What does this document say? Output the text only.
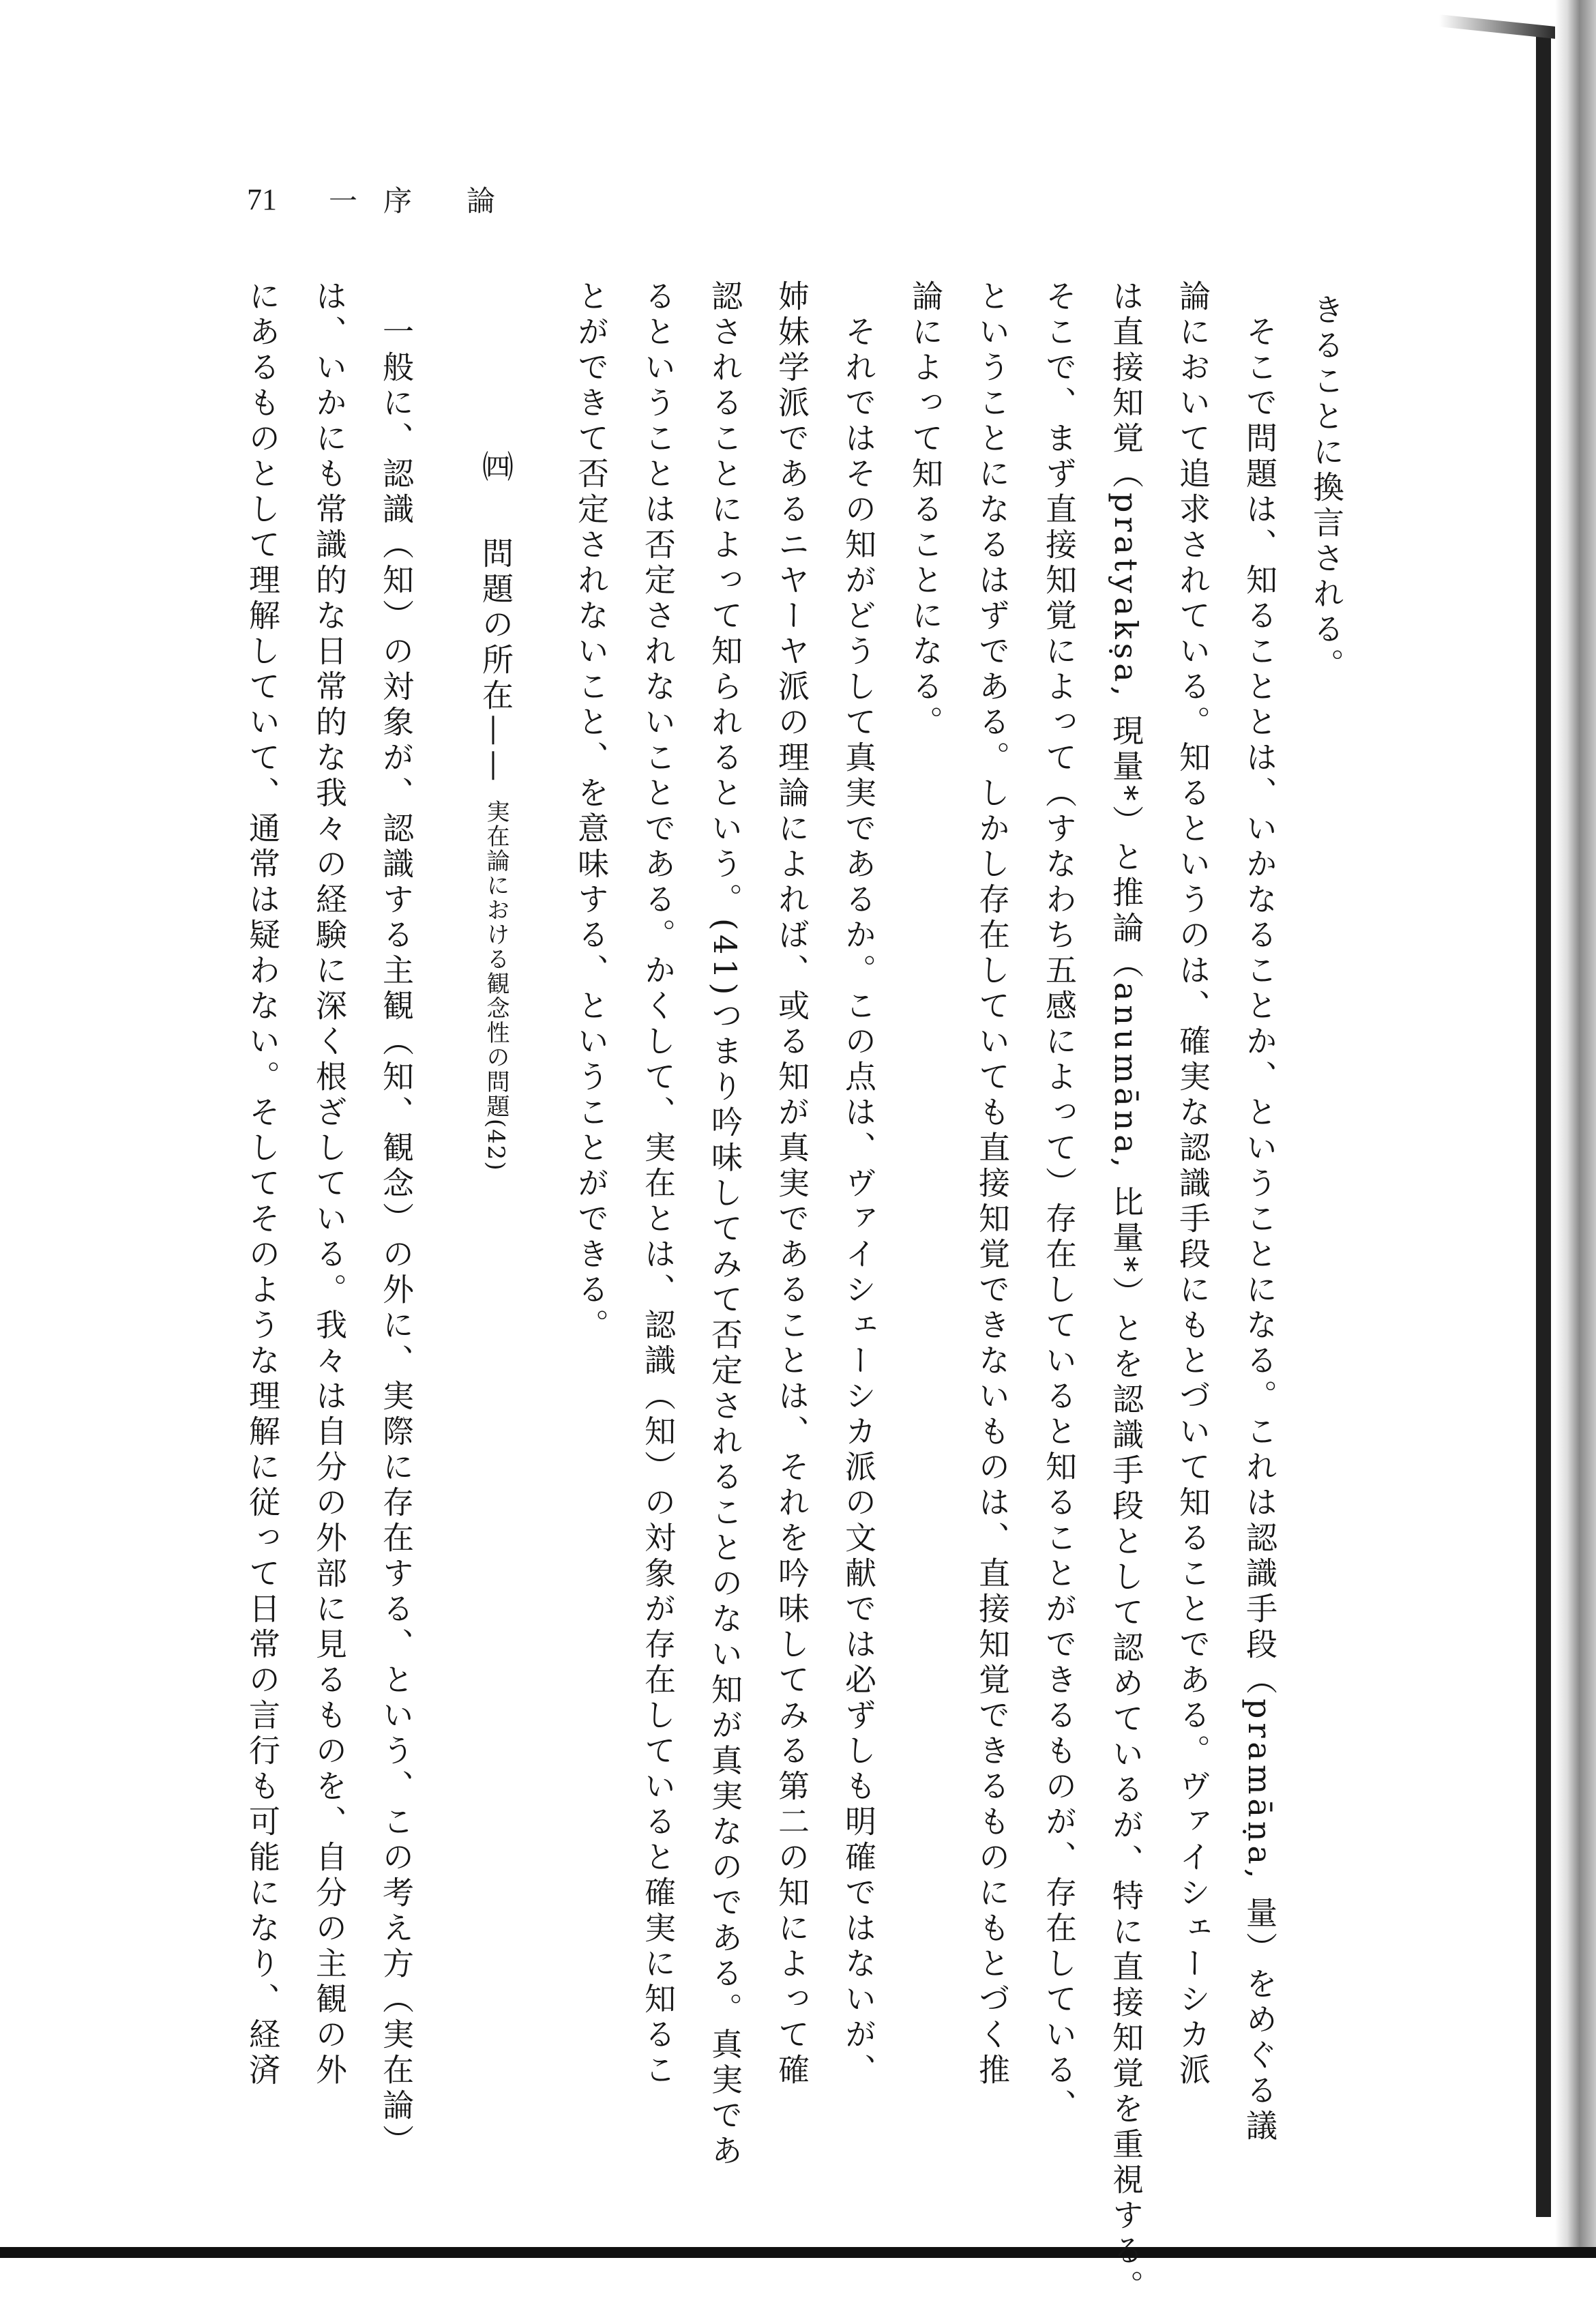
71	一 序	論
きることに換言される。
　そこで問題は、知ることとは、いかなることか、ということになる。これは認識手段（pramāṇa, 量）をめぐる議
論において追求されている。知るというのは、確実な認識手段にもとづいて知ることである。ヴァイシェーシカ派
は直接知覚（pratyakṣa, 現量*）と推論（anumāna, 比量*）とを認識手段として認めているが、特に直接知覚を重視する。
そこで、まず直接知覚によって（すなわち五感によって）存在していると知ることができるものが、存在している、
ということになるはずである。しかし存在していても直接知覚できないものは、直接知覚できるものにもとづく推
論によって知ることになる。
　それではその知がどうして真実であるか。この点は、ヴァイシェーシカ派の文献では必ずしも明確ではないが、
姉妹学派であるニヤーヤ派の理論によれば、或る知が真実であることは、それを吟味してみる第二の知によって確
認されることによって知られるという。(41)つまり吟味してみて否定されることのない知が真実なのである。真実であ
るということは否定されないことである。かくして、実在とは、認識（知）の対象が存在していると確実に知るこ
とができて否定されないこと、を意味する、ということができる。
㈣  問題の所在—— 実在論における観念性の問題(42)
　一般に、認識（知）の対象が、認識する主観（知、観念）の外に、実際に存在する、という、この考え方（実在論）
は、いかにも常識的な日常的な我々の経験に深く根ざしている。我々は自分の外部に見るものを、自分の主観の外
にあるものとして理解していて、通常は疑わない。そしてそのような理解に従って日常の言行も可能になり、経済
